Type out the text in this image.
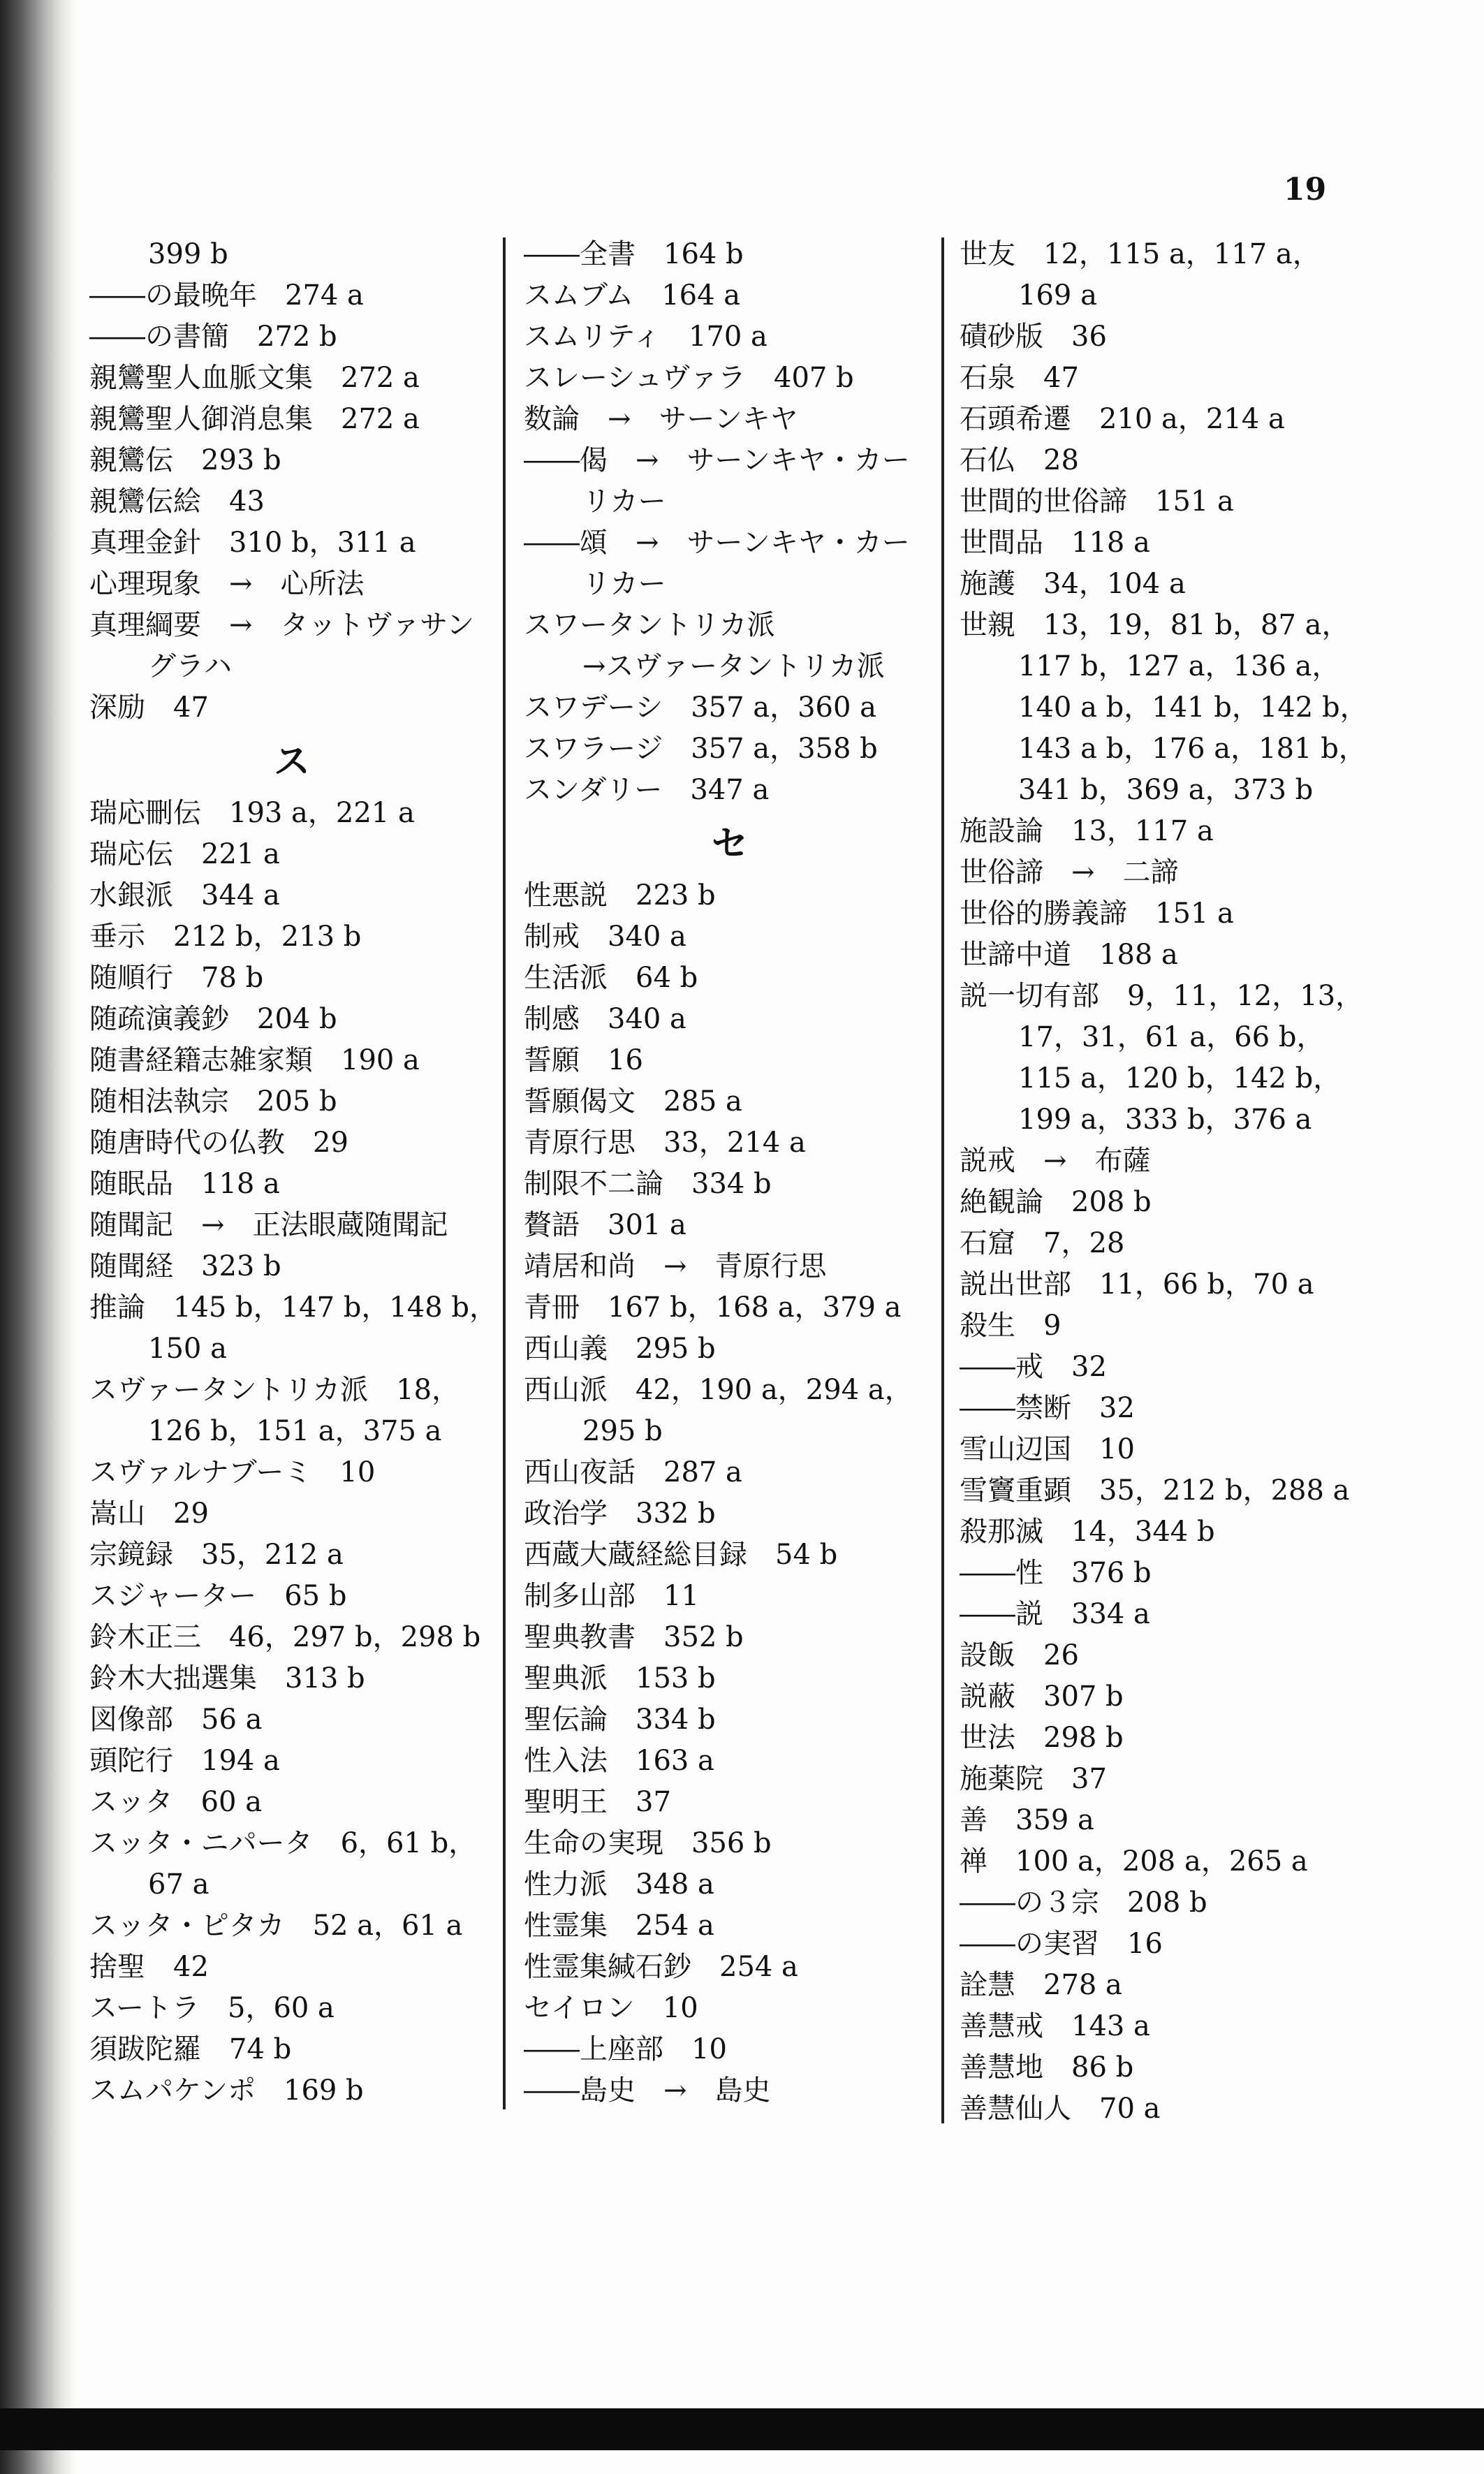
19
399 b
――の最晩年　274 a
――の書簡　272 b
親鸞聖人血脈文集　272 a
親鸞聖人御消息集　272 a
親鸞伝　293 b
親鸞伝絵　43
真理金針　310 b，311 a
心理現象　→　心所法
真理綱要　→　タットヴァサン
グラハ
深励　47
ス
瑞応刪伝　193 a，221 a
瑞応伝　221 a
水銀派　344 a
垂示　212 b，213 b
随順行　78 b
随疏演義鈔　204 b
随書経籍志雑家類　190 a
随相法執宗　205 b
随唐時代の仏教　29
随眠品　118 a
随聞記　→　正法眼蔵随聞記
随聞経　323 b
推論　145 b，147 b，148 b，
150 a
スヴァータントリカ派　18，
126 b，151 a，375 a
スヴァルナブーミ　10
嵩山　29
宗鏡録　35，212 a
スジャーター　65 b
鈴木正三　46，297 b，298 b
鈴木大拙選集　313 b
図像部　56 a
頭陀行　194 a
スッタ　60 a
スッタ・ニパータ　6，61 b，
67 a
スッタ・ピタカ　52 a，61 a
捨聖　42
スートラ　5，60 a
須跋陀羅　74 b
スムパケンポ　169 b
――全書　164 b
スムブム　164 a
スムリティ　170 a
スレーシュヴァラ　407 b
数論　→　サーンキヤ
――偈　→　サーンキヤ・カー
リカー
――頌　→　サーンキヤ・カー
リカー
スワータントリカ派
→スヴァータントリカ派
スワデーシ　357 a，360 a
スワラージ　357 a，358 b
スンダリー　347 a
セ
性悪説　223 b
制戒　340 a
生活派　64 b
制感　340 a
誓願　16
誓願偈文　285 a
青原行思　33，214 a
制限不二論　334 b
贅語　301 a
靖居和尚　→　青原行思
青冊　167 b，168 a，379 a
西山義　295 b
西山派　42，190 a，294 a，
295 b
西山夜話　287 a
政治学　332 b
西蔵大蔵経総目録　54 b
制多山部　11
聖典教書　352 b
聖典派　153 b
聖伝論　334 b
性入法　163 a
聖明王　37
生命の実現　356 b
性力派　348 a
性霊集　254 a
性霊集緘石鈔　254 a
セイロン　10
――上座部　10
――島史　→　島史
世友　12，115 a，117 a，
169 a
磧砂版　36
石泉　47
石頭希遷　210 a，214 a
石仏　28
世間的世俗諦　151 a
世間品　118 a
施護　34，104 a
世親　13，19，81 b，87 a，
117 b，127 a，136 a，
140 a b，141 b，142 b，
143 a b，176 a，181 b，
341 b，369 a，373 b
施設論　13，117 a
世俗諦　→　二諦
世俗的勝義諦　151 a
世諦中道　188 a
説一切有部　9，11，12，13，
17，31，61 a，66 b，
115 a，120 b，142 b，
199 a，333 b，376 a
説戒　→　布薩
絶観論　208 b
石窟　7，28
説出世部　11，66 b，70 a
殺生　9
――戒　32
――禁断　32
雪山辺国　10
雪竇重顕　35，212 b，288 a
殺那滅　14，344 b
――性　376 b
――説　334 a
設飯　26
説蔽　307 b
世法　298 b
施薬院　37
善　359 a
禅　100 a，208 a，265 a
――の３宗　208 b
――の実習　16
詮慧　278 a
善慧戒　143 a
善慧地　86 b
善慧仙人　70 a
